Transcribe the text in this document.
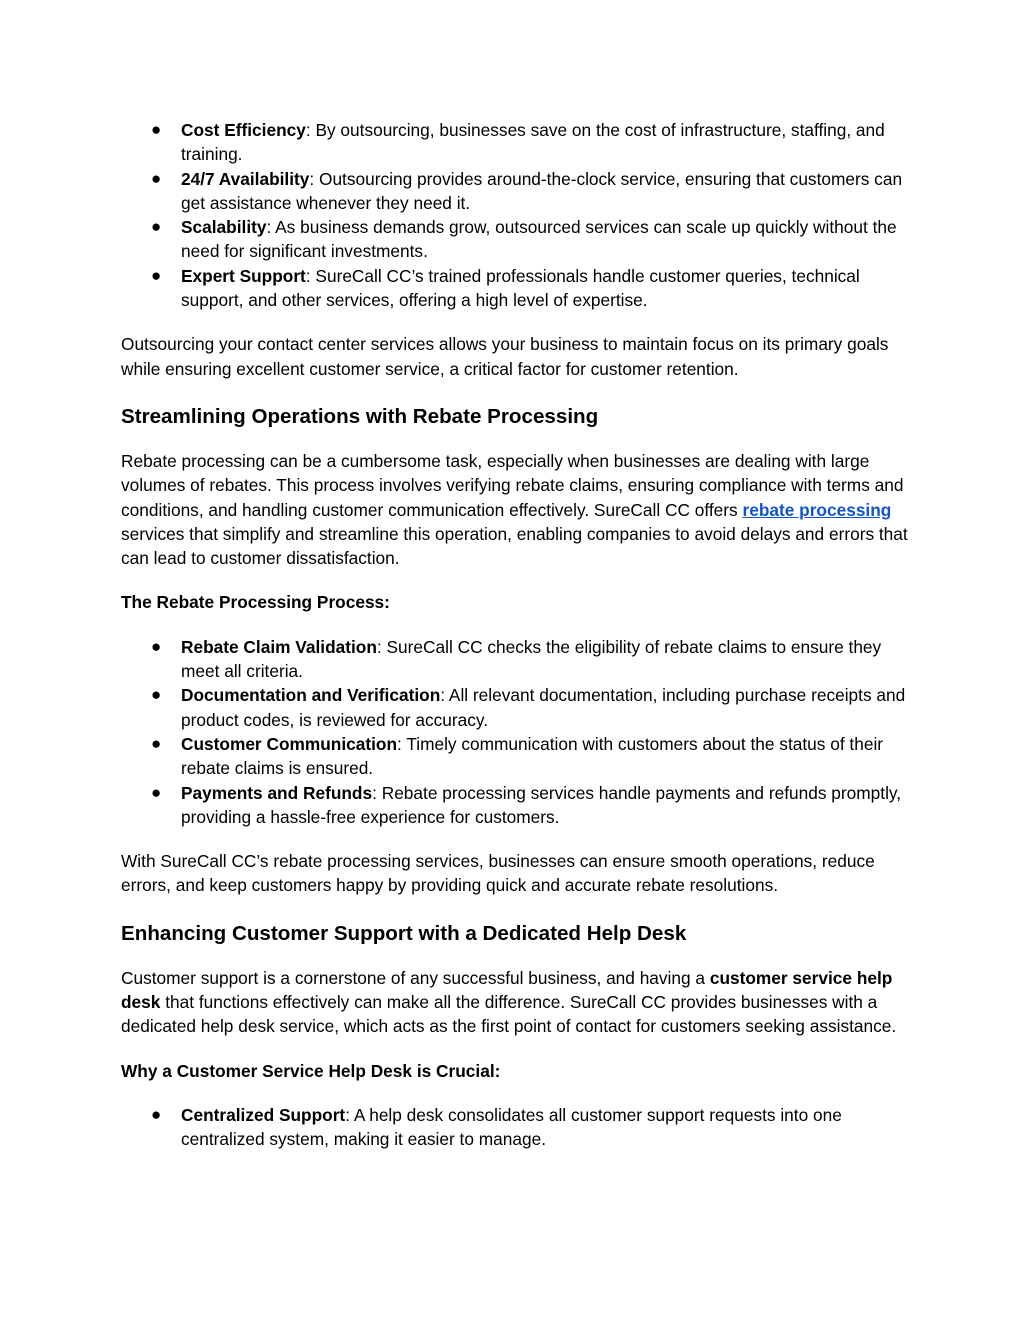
● Cost Efficiency: By outsourcing, businesses save on the cost of infrastructure, staffing, and training.
● 24/7 Availability: Outsourcing provides around-the-clock service, ensuring that customers can get assistance whenever they need it.
● Scalability: As business demands grow, outsourced services can scale up quickly without the need for significant investments.
● Expert Support: SureCall CC’s trained professionals handle customer queries, technical support, and other services, offering a high level of expertise.

Outsourcing your contact center services allows your business to maintain focus on its primary goals while ensuring excellent customer service, a critical factor for customer retention.

Streamlining Operations with Rebate Processing

Rebate processing can be a cumbersome task, especially when businesses are dealing with large volumes of rebates. This process involves verifying rebate claims, ensuring compliance with terms and conditions, and handling customer communication effectively. SureCall CC offers rebate processing services that simplify and streamline this operation, enabling companies to avoid delays and errors that can lead to customer dissatisfaction.

The Rebate Processing Process:

● Rebate Claim Validation: SureCall CC checks the eligibility of rebate claims to ensure they meet all criteria.
● Documentation and Verification: All relevant documentation, including purchase receipts and product codes, is reviewed for accuracy.
● Customer Communication: Timely communication with customers about the status of their rebate claims is ensured.
● Payments and Refunds: Rebate processing services handle payments and refunds promptly, providing a hassle-free experience for customers.

With SureCall CC’s rebate processing services, businesses can ensure smooth operations, reduce errors, and keep customers happy by providing quick and accurate rebate resolutions.

Enhancing Customer Support with a Dedicated Help Desk

Customer support is a cornerstone of any successful business, and having a customer service help desk that functions effectively can make all the difference. SureCall CC provides businesses with a dedicated help desk service, which acts as the first point of contact for customers seeking assistance.

Why a Customer Service Help Desk is Crucial:

● Centralized Support: A help desk consolidates all customer support requests into one centralized system, making it easier to manage.
